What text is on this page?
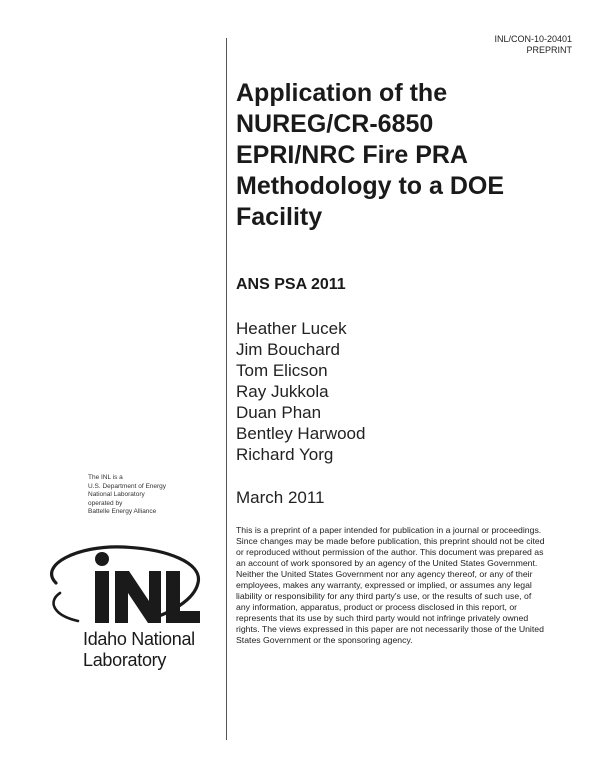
INL/CON-10-20401
PREPRINT
Application of the
NUREG/CR-6850
EPRI/NRC Fire PRA
Methodology to a DOE
Facility
ANS PSA 2011
Heather Lucek
Jim Bouchard
Tom Elicson
Ray Jukkola
Duan Phan
Bentley Harwood
Richard Yorg
March 2011
This is a preprint of a paper intended for publication in a journal or proceedings. Since changes may be made before publication, this preprint should not be cited or reproduced without permission of the author. This document was prepared as an account of work sponsored by an agency of the United States Government. Neither the United States Government nor any agency thereof, or any of their employees, makes any warranty, expressed or implied, or assumes any legal liability or responsibility for any third party's use, or the results of such use, of any information, apparatus, product or process disclosed in this report, or represents that its use by such third party would not infringe privately owned rights. The views expressed in this paper are not necessarily those of the United States Government or the sponsoring agency.
The INL is a
U.S. Department of Energy
National Laboratory
operated by
Battelle Energy Alliance
Idaho National
Laboratory
